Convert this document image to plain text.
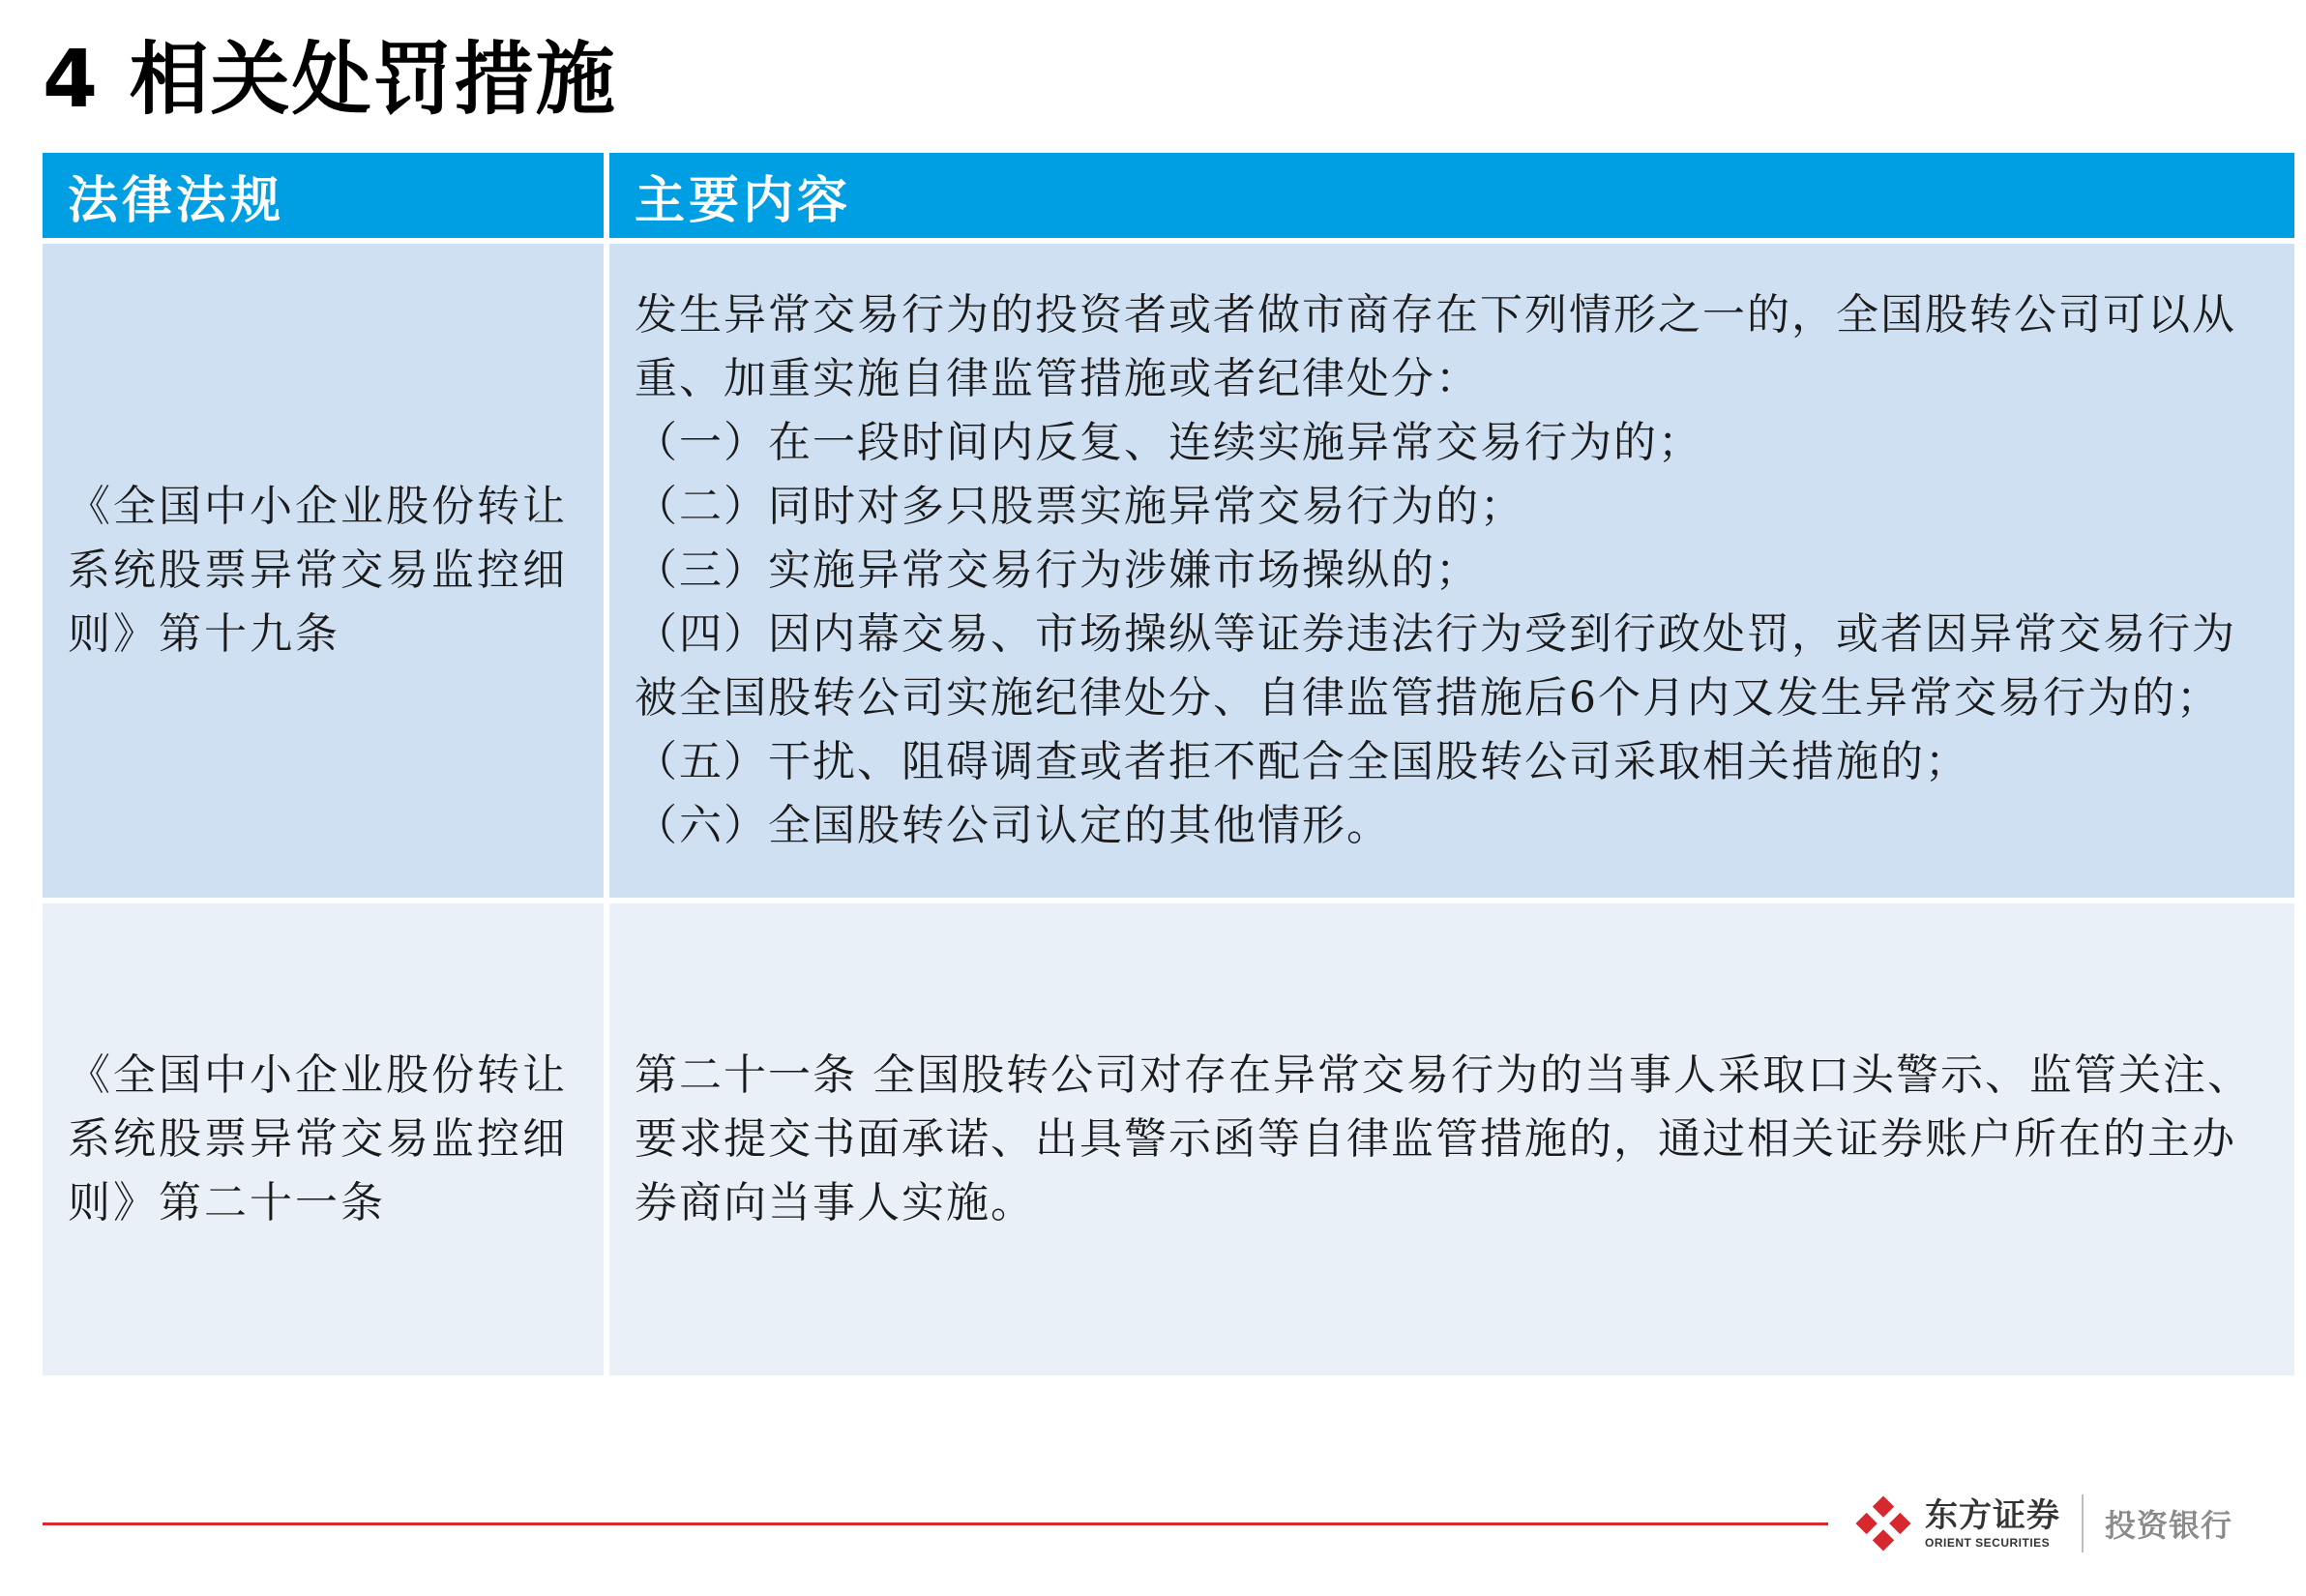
4 相关处罚措施
法律法规	主要内容
《全国中小企业股份转让系统股票异常交易监控细则》第十九条

发生异常交易行为的投资者或者做市商存在下列情形之一的，全国股转公司可以从重、加重实施自律监管措施或者纪律处分：

（一）在一段时间内反复、连续实施异常交易行为的；

（二）同时对多只股票实施异常交易行为的；

（三）实施异常交易行为涉嫌市场操纵的；

（四）因内幕交易、市场操纵等证券违法行为受到行政处罚，或者因异常交易行为被全国股转公司实施纪律处分、自律监管措施后6个月内又发生异常交易行为的；

（五）干扰、阻碍调查或者拒不配合全国股转公司采取相关措施的；

（六）全国股转公司认定的其他情形。

《全国中小企业股份转让系统股票异常交易监控细则》第二十一条

第二十一条 全国股转公司对存在异常交易行为的当事人采取口头警示、监管关注、要求提交书面承诺、出具警示函等自律监管措施的，通过相关证券账户所在的主办券商向当事人实施。

东方证券
ORIENT SECURITIES	投资银行
